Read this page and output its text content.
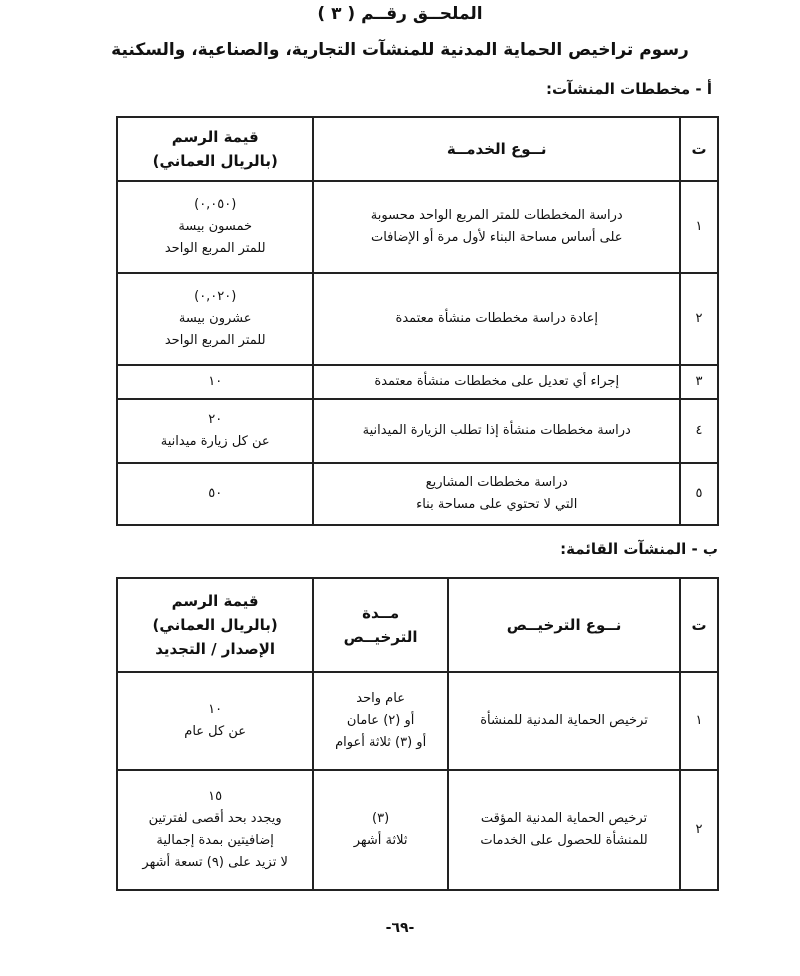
الملحــق رقــم ( ٣ )
رسوم تراخيص الحماية المدنية للمنشآت التجارية، والصناعية، والسكنية
أ - مخططات المنشآت:
ت	نــوع الخدمــة	قيمة الرسم
(بالريال العماني)

١	دراسة المخططات للمتر المربع الواحد محسوبة
على أساس مساحة البناء لأول مرة أو الإضافات	(٠,٠٥٠)
خمسون بيسة
للمتر المربع الواحد

٢	إعادة دراسة مخططات منشأة معتمدة	(٠,٠٢٠)
عشرون بيسة
للمتر المربع الواحد

٣	إجراء أي تعديل على مخططات منشأة معتمدة	١٠

٤	دراسة مخططات منشأة إذا تطلب الزيارة الميدانية	٢٠
عن كل زيارة ميدانية

٥	دراسة مخططات المشاريع
التي لا تحتوي على مساحة بناء	٥٠
ب - المنشآت القائمة:
ت	نــوع الترخيــص	مــدة
الترخيــص	قيمة الرسم
(بالريال العماني)
الإصدار / التجديد

١	ترخيص الحماية المدنية للمنشأة	عام واحد
أو (٢) عامان
أو (٣) ثلاثة أعوام	١٠
عن كل عام

٢	ترخيص الحماية المدنية المؤقت
للمنشأة للحصول على الخدمات	(٣)
ثلاثة أشهر	١٥
ويجدد بحد أقصى لفترتين
إضافيتين بمدة إجمالية
لا تزيد على (٩) تسعة أشهر
-٦٩-
